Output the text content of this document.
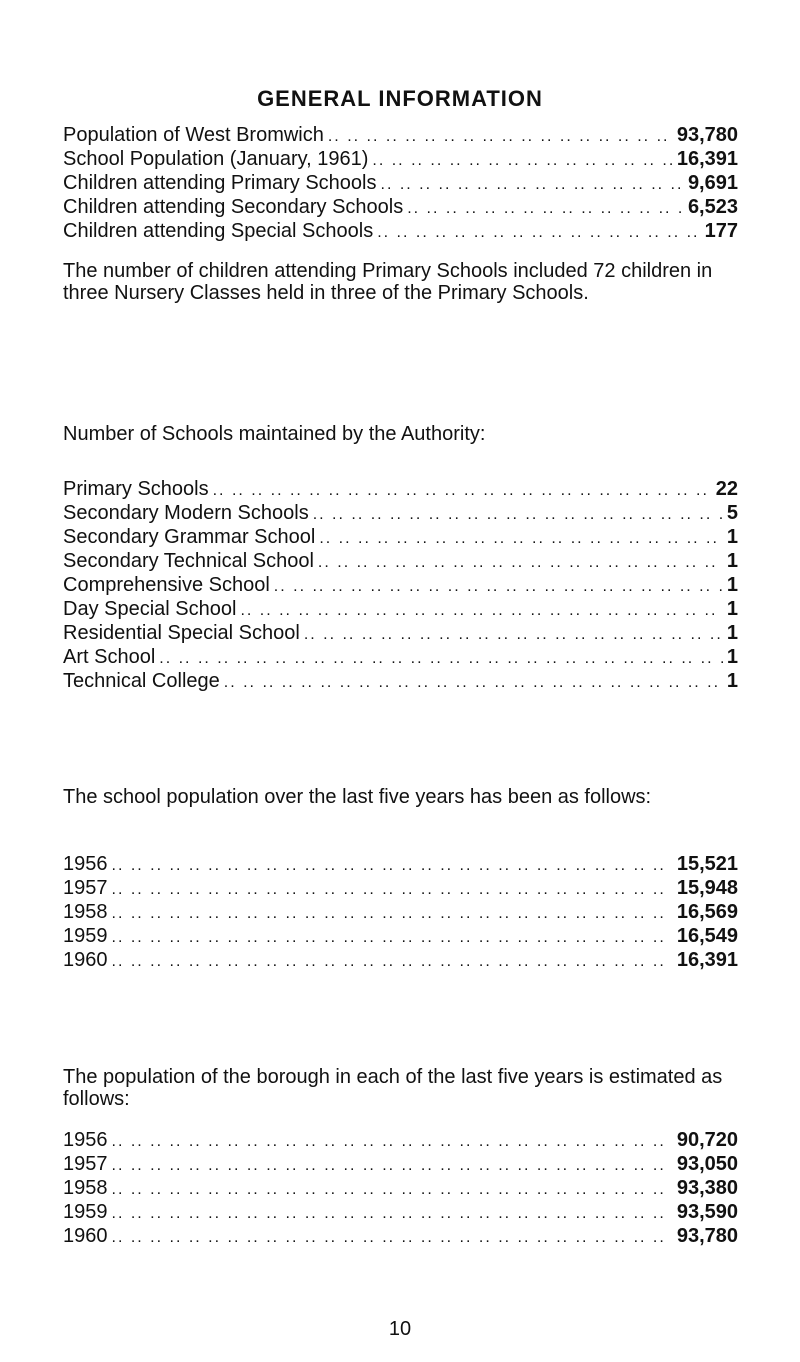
GENERAL INFORMATION
Population of West Bromwich .. ..	93,780
School Population (January, 1961) .. ..	16,391
Children attending Primary Schools .. ..	9,691
Children attending Secondary Schools .. ..	6,523
Children attending Special Schools .. ..	177
The number of children attending Primary Schools included 72 children in three Nursery Classes held in three of the Primary Schools.
Number of Schools maintained by the Authority:
Primary Schools .. ..	22
Secondary Modern Schools .. ..	5
Secondary Grammar School .. ..	1
Secondary Technical School .. ..	1
Comprehensive School .. ..	1
Day Special School .. ..	1
Residential Special School .. ..	1
Art School .. ..	1
Technical College .. ..	1
The school population over the last five years has been as follows:
1956 .. ..	15,521
1957 .. ..	15,948
1958 .. ..	16,569
1959 .. ..	16,549
1960 .. ..	16,391
The population of the borough in each of the last five years is estimated as follows:
1956 .. ..	90,720
1957 .. ..	93,050
1958 .. ..	93,380
1959 .. ..	93,590
1960 .. ..	93,780
10
